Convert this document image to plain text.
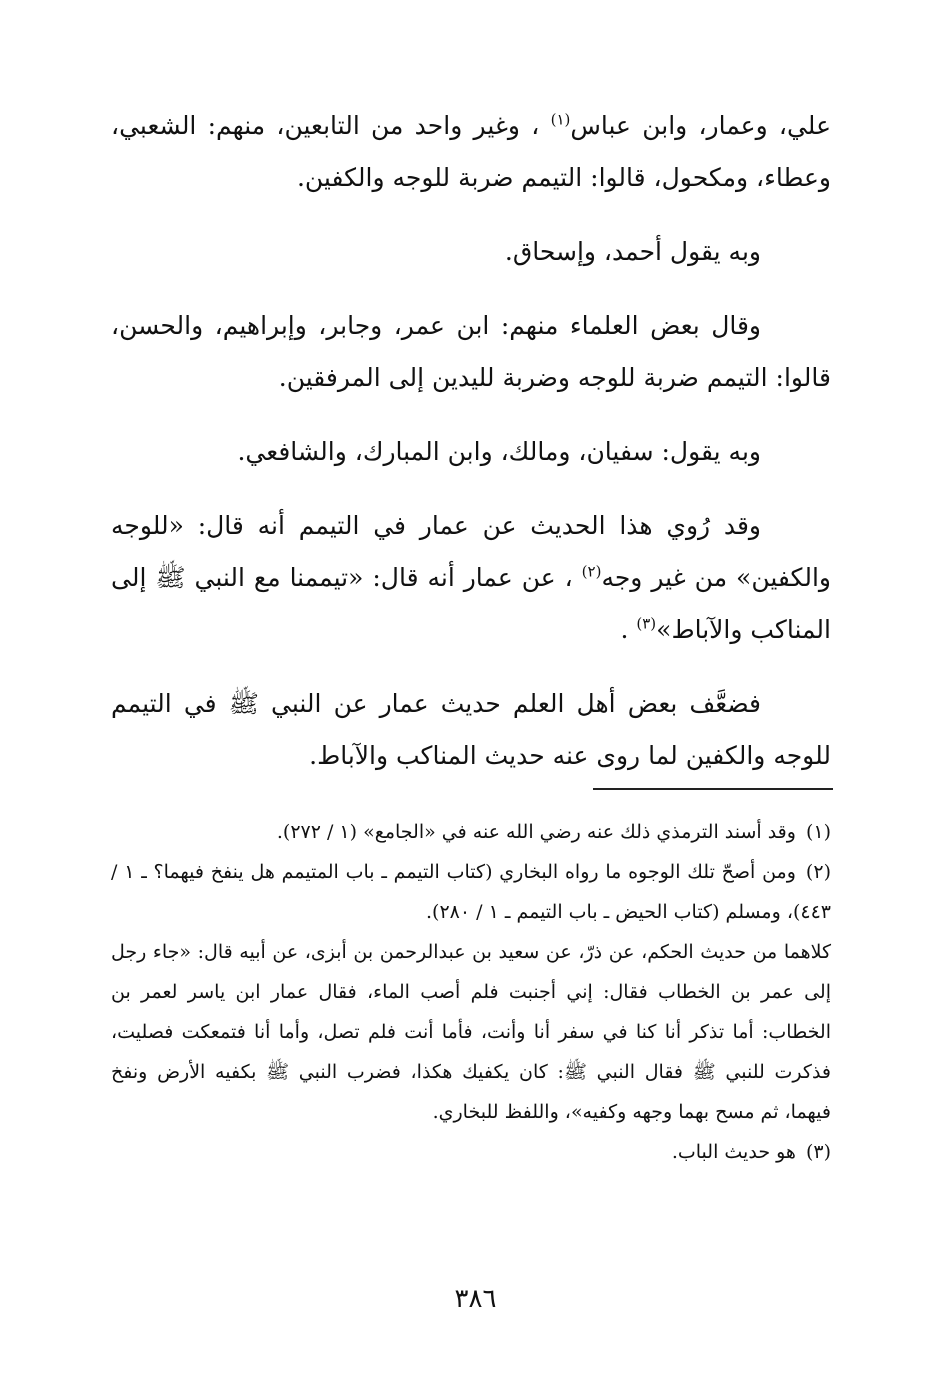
علي، وعمار، وابن عباس$^{(١)}$ ، وغير واحد من التابعين، منهم: الشعبي، وعطاء، ومكحول، قالوا: التيمم ضربة للوجه والكفين.

وبه يقول أحمد، وإسحاق.

وقال بعض العلماء منهم: ابن عمر، وجابر، وإبراهيم، والحسن، قالوا: التيمم ضربة للوجه وضربة لليدين إلى المرفقين.

وبه يقول: سفيان، ومالك، وابن المبارك، والشافعي.

وقد رُوي هذا الحديث عن عمار في التيمم أنه قال: «للوجه والكفين» من غير وجه$^{(٢)}$ ، عن عمار أنه قال: «تيممنا مع النبي ﷺ إلى المناكب والآباط»$^{(٣)}$ .

فضعَّف بعض أهل العلم حديث عمار عن النبي ﷺ في التيمم للوجه والكفين لما روى عنه حديث المناكب والآباط.

(١)وقد أسند الترمذي ذلك عنه رضي الله عنه في «الجامع» (١ / ٢٧٢).

(٢)ومن أصحّ تلك الوجوه ما رواه البخاري (كتاب التيمم ـ باب المتيمم هل ينفخ فيهما؟ ـ ١ / ٤٤٣)، ومسلم (كتاب الحيض ـ باب التيمم ـ ١ / ٢٨٠).

كلاهما من حديث الحكم، عن ذرّ، عن سعيد بن عبدالرحمن بن أبزى، عن أبيه قال: «جاء رجل إلى عمر بن الخطاب فقال: إني أجنبت فلم أصب الماء، فقال عمار ابن ياسر لعمر بن الخطاب: أما تذكر أنا كنا في سفر أنا وأنت، فأما أنت فلم تصل، وأما أنا فتمعكت فصليت، فذكرت للنبي ﷺ فقال النبي ﷺ: كان يكفيك هكذا، فضرب النبي ﷺ بكفيه الأرض ونفخ فيهما، ثم مسح بهما وجهه وكفيه»، واللفظ للبخاري.

(٣)هو حديث الباب.

٣٨٦
